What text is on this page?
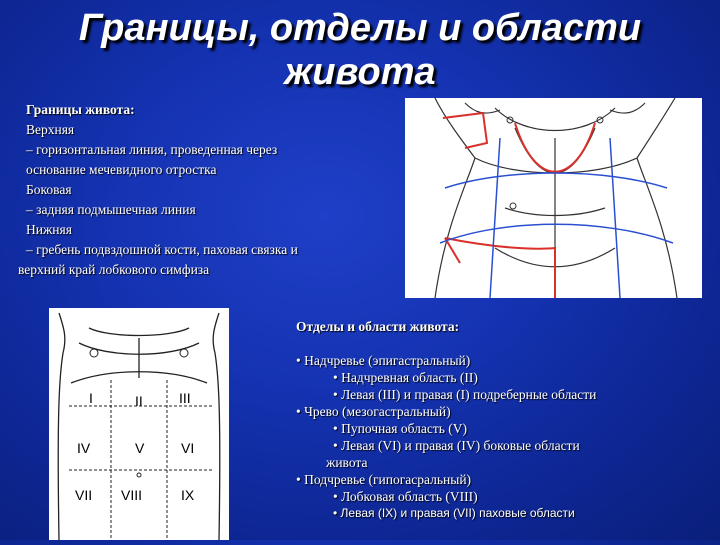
Границы, отделы и области
живота
Границы живота:
Верхняя
– горизонтальная линия, проведенная через
основание мечевидного отростка
Боковая
– задняя подмышечная линия
Нижняя
– гребень подвздошной кости, паховая связка и
верхний край лобкового симфиза
I	II	III
IV	V	VI
VII VIII	IX
Отделы и области живота:
• Надчревье (эпигастральный)
• Надчревная область (II)
• Левая (III) и правая (I) подреберные области
• Чрево (мезогастральный)
• Пупочная область (V)
• Левая (VI) и правая (IV) боковые области
живота
• Подчревье (гипогасральный)
• Лобковая область (VIII)
• Левая (IX) и правая (VII) паховые области
